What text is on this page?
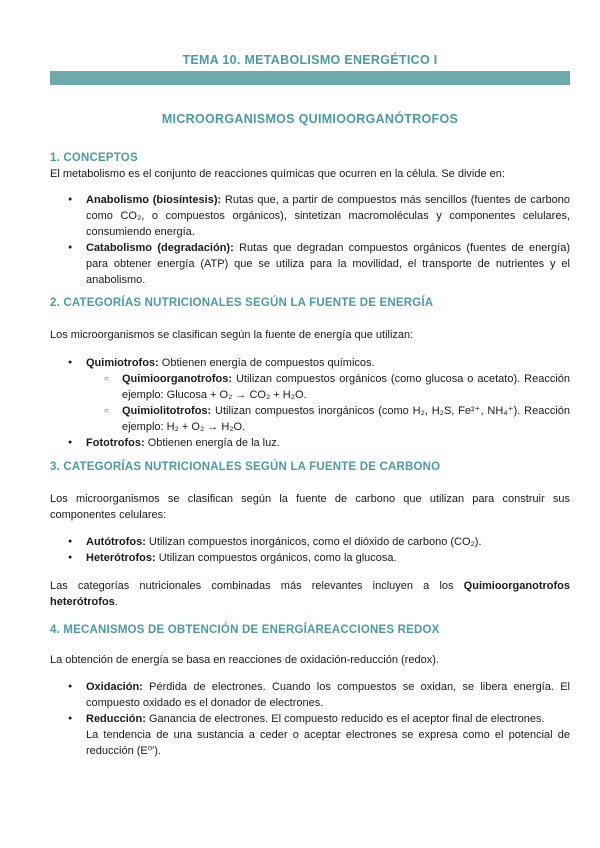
TEMA 10. METABOLISMO ENERGÉTICO I
MICROORGANISMOS QUIMIOORGANÓTROFOS
1. CONCEPTOS

El metabolismo es el conjunto de reacciones químicas que ocurren en la célula. Se divide en:

● Anabolismo (biosíntesis): Rutas que, a partir de compuestos más sencillos (fuentes de carbono como CO₂, o compuestos orgánicos), sintetizan macromoléculas y componentes celulares, consumiendo energía.
● Catabolismo (degradación): Rutas que degradan compuestos orgánicos (fuentes de energía) para obtener energía (ATP) que se utiliza para la movilidad, el transporte de nutrientes y el anabolismo.
2. CATEGORÍAS NUTRICIONALES SEGÚN LA FUENTE DE ENERGÍA

Los microorganismos se clasifican según la fuente de energía que utilizan:

● Quimiotrofos: Obtienen energía de compuestos químicos.
○ Quimioorganotrofos: Utilizan compuestos orgánicos (como glucosa o acetato). Reacción ejemplo: Glucosa + O₂ → CO₂ + H₂O.
○ Quimiolitotrofos: Utilizan compuestos inorgánicos (como H₂, H₂S, Fe²⁺, NH₄⁺). Reacción ejemplo: H₂ + O₂ → H₂O.
● Fototrofos: Obtienen energía de la luz.
3. CATEGORÍAS NUTRICIONALES SEGÚN LA FUENTE DE CARBONO

Los microorganismos se clasifican según la fuente de carbono que utilizan para construir sus componentes celulares:

● Autótrofos: Utilizan compuestos inorgánicos, como el dióxido de carbono (CO₂).
● Heterótrofos: Utilizan compuestos orgánicos, como la glucosa.

Las categorías nutricionales combinadas más relevantes incluyen a los Quimioorganotrofos heterótrofos.

4. MECANISMOS DE OBTENCIÓN DE ENERGÍAREACCIONES REDOX

La obtención de energía se basa en reacciones de oxidación-reducción (redox).

● Oxidación: Pérdida de electrones. Cuando los compuestos se oxidan, se libera energía. El compuesto oxidado es el donador de electrones.
● Reducción: Ganancia de electrones. El compuesto reducido es el aceptor final de electrones.
La tendencia de una sustancia a ceder o aceptar electrones se expresa como el potencial de reducción (E⁰').
